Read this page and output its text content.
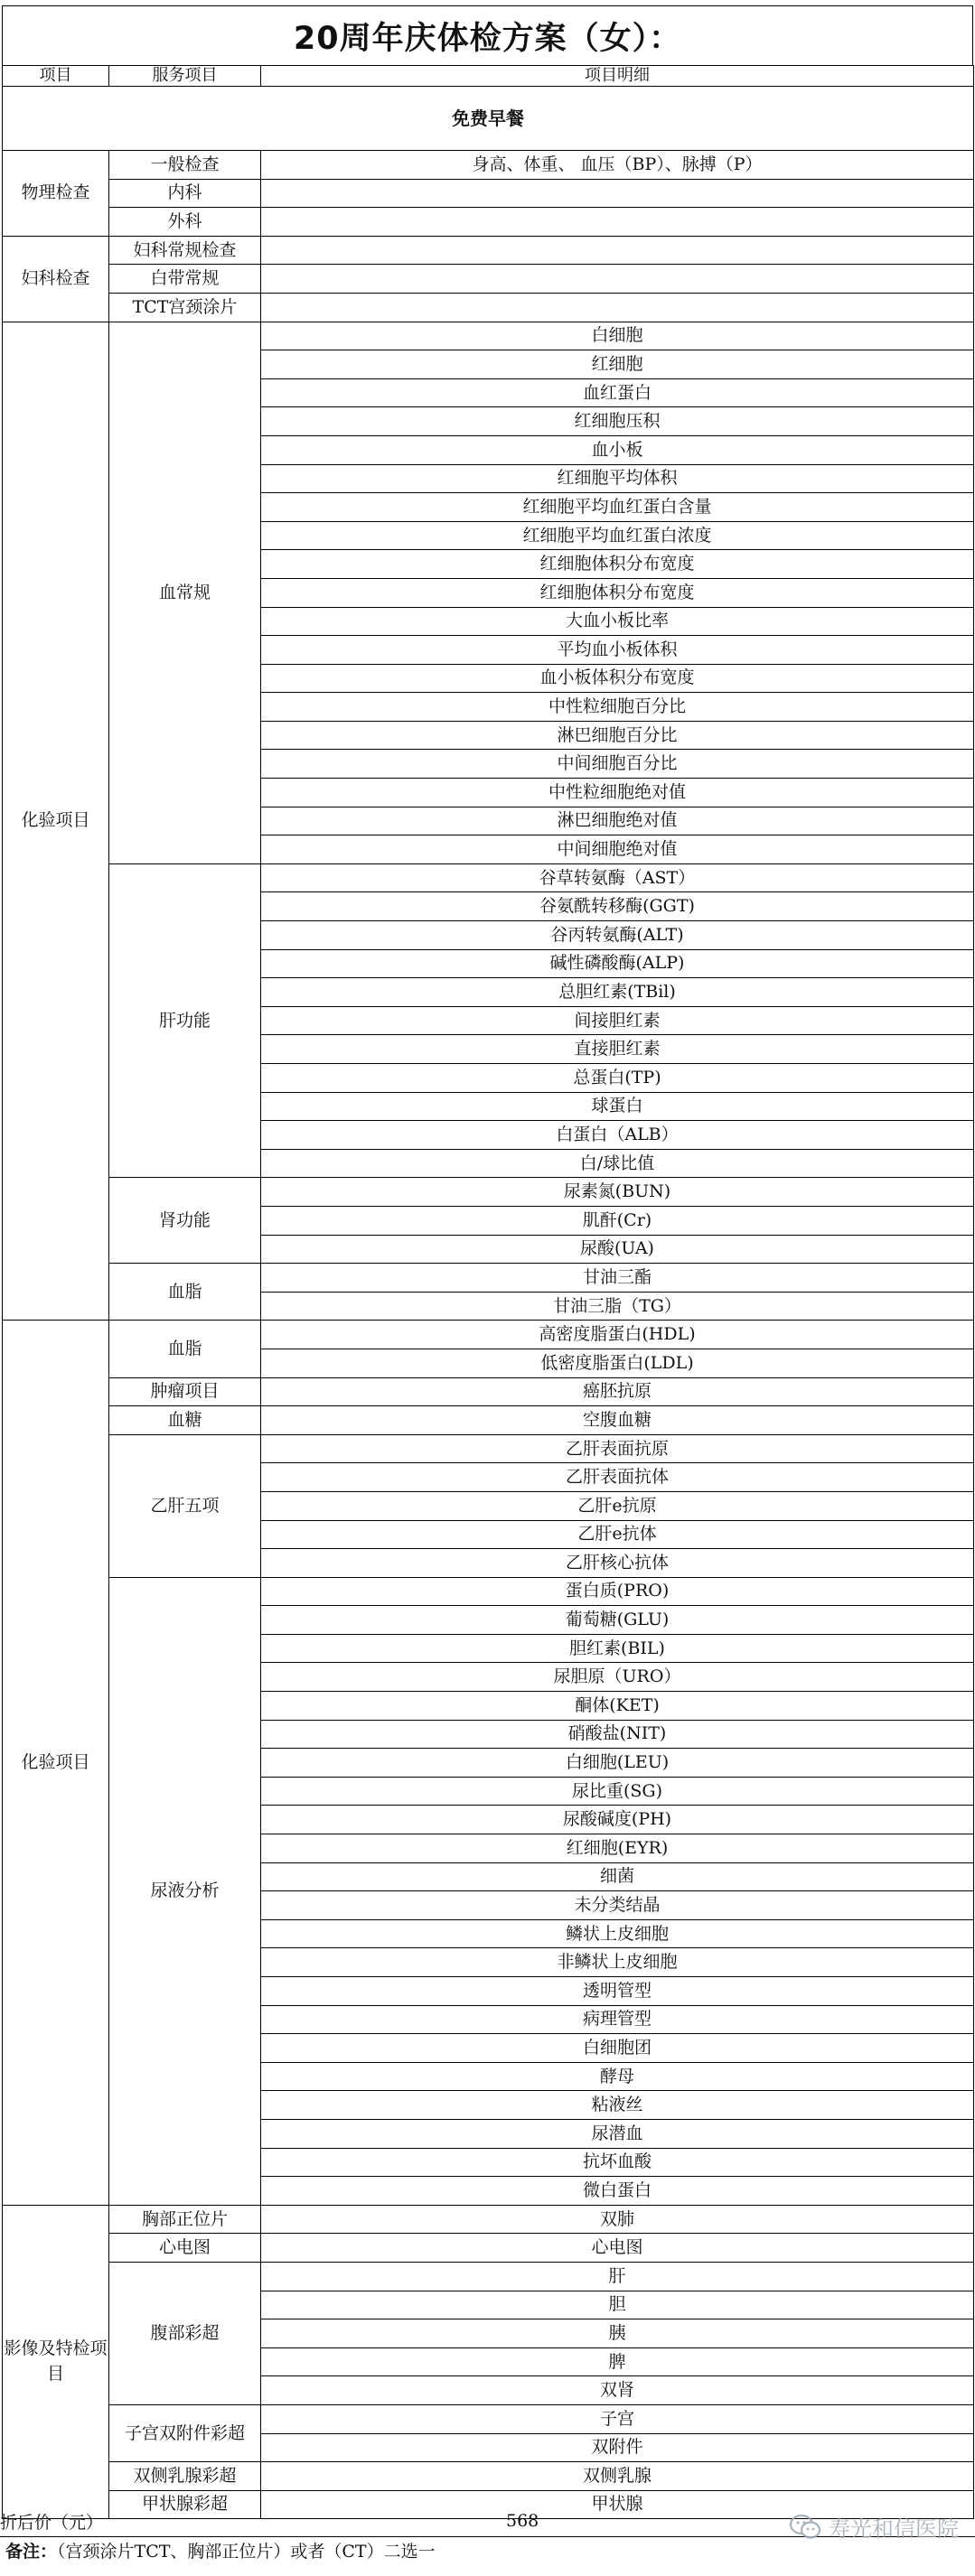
20周年庆体检方案（女）：
项目	服务项目	项目明细
免费早餐		
物理检查	一般检查	身高、体重、 血压（BP）、脉搏（P）
	内科	
	外科	
妇科检查	妇科常规检查	
	白带常规	
	TCT宫颈涂片	
化验项目	血常规	白细胞
		红细胞
		血红蛋白
		红细胞压积
		血小板
		红细胞平均体积
		红细胞平均血红蛋白含量
		红细胞平均血红蛋白浓度
		红细胞体积分布宽度
		红细胞体积分布宽度
		大血小板比率
		平均血小板体积
		血小板体积分布宽度
		中性粒细胞百分比
		淋巴细胞百分比
		中间细胞百分比
		中性粒细胞绝对值
		淋巴细胞绝对值
		中间细胞绝对值
	肝功能	谷草转氨酶（AST）
		谷氨酰转移酶(GGT)
		谷丙转氨酶(ALT)
		碱性磷酸酶(ALP)
		总胆红素(TBil)
		间接胆红素
		直接胆红素
		总蛋白(TP)
		球蛋白
		白蛋白（ALB）
		白/球比值
	肾功能	尿素氮(BUN)
		肌酐(Cr)
		尿酸(UA)
	血脂	甘油三酯
		甘油三脂（TG）
化验项目	血脂	高密度脂蛋白(HDL)
		低密度脂蛋白(LDL)
	肿瘤项目	癌胚抗原
	血糖	空腹血糖
	乙肝五项	乙肝表面抗原
		乙肝表面抗体
		乙肝e抗原
		乙肝e抗体
		乙肝核心抗体
	尿液分析	蛋白质(PRO)
		葡萄糖(GLU)
		胆红素(BIL)
		尿胆原（URO）
		酮体(KET)
		硝酸盐(NIT)
		白细胞(LEU)
		尿比重(SG)
		尿酸碱度(PH)
		红细胞(EYR)
		细菌
		未分类结晶
		鳞状上皮细胞
		非鳞状上皮细胞
		透明管型
		病理管型
		白细胞团
		酵母
		粘液丝
		尿潜血
		抗坏血酸
		微白蛋白
影像及特检项目	胸部正位片	双肺
	心电图	心电图
	腹部彩超	肝
		胆
		胰
		脾
		双肾
	子宫双附件彩超	子宫
		双附件
	双侧乳腺彩超	双侧乳腺
	甲状腺彩超	甲状腺
折后价（元）	568
备注：（宫颈涂片TCT、胸部正位片）或者（CT）二选一
寿光和信医院
